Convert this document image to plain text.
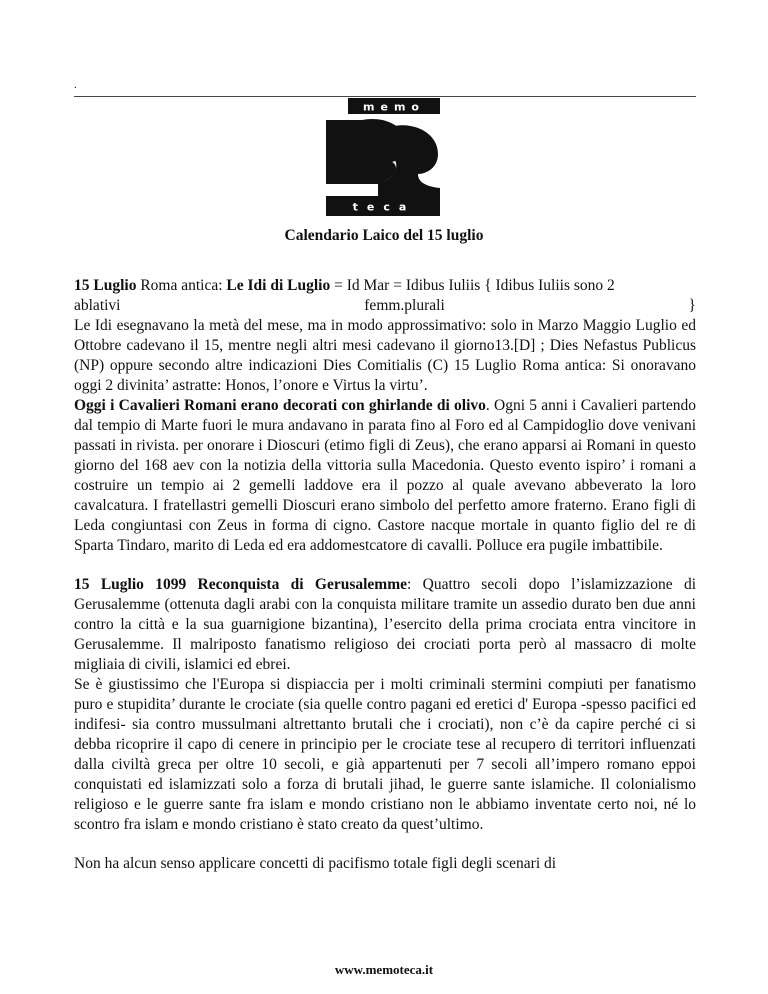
.
memo
teca
Calendario Laico del 15 luglio

15 Luglio Roma antica: Le Idi di Luglio = Id Mar = Idibus Iuliis { Idibus Iuliis sono 2

ablativi femm.plurali }

Le Idi esegnavano la metà del mese, ma in modo approssimativo: solo in Marzo Maggio Luglio ed Ottobre cadevano il 15, mentre negli altri mesi cadevano il giorno13.[D] ; Dies Nefastus Publicus (NP) oppure secondo altre indicazioni Dies Comitialis (C) 15 Luglio Roma antica: Si onoravano oggi 2 divinita’ astratte: Honos, l’onore e Virtus la virtu’.

Oggi i Cavalieri Romani erano decorati con ghirlande di olivo. Ogni 5 anni i Cavalieri partendo dal tempio di Marte fuori le mura andavano in parata fino al Foro ed al Campidoglio dove venivani passati in rivista. per onorare i Dioscuri (etimo figli di Zeus), che erano apparsi ai Romani in questo giorno del 168 aev con la notizia della vittoria sulla Macedonia. Questo evento ispiro’ i romani a costruire un tempio ai 2 gemelli laddove era il pozzo al quale avevano abbeverato la loro cavalcatura. I fratellastri gemelli Dioscuri erano simbolo del perfetto amore fraterno. Erano figli di Leda congiuntasi con Zeus in forma di cigno. Castore nacque mortale in quanto figlio del re di Sparta Tindaro, marito di Leda ed era addomestcatore di cavalli. Polluce era pugile imbattibile.

15 Luglio 1099 Reconquista di Gerusalemme: Quattro secoli dopo l’islamizzazione di Gerusalemme (ottenuta dagli arabi con la conquista militare tramite un assedio durato ben due anni contro la città e la sua guarnigione bizantina), l’esercito della prima crociata entra vincitore in Gerusalemme. Il malriposto fanatismo religioso dei crociati porta però al massacro di molte migliaia di civili, islamici ed ebrei.

Se è giustissimo che l'Europa si dispiaccia per i molti criminali stermini compiuti per fanatismo puro e stupidita’ durante le crociate (sia quelle contro pagani ed eretici d' Europa -spesso pacifici ed indifesi- sia contro mussulmani altrettanto brutali che i crociati), non c’è da capire perché ci si debba ricoprire il capo di cenere in principio per le crociate tese al recupero di territori influenzati dalla civiltà greca per oltre 10 secoli, e già appartenuti per 7 secoli all’impero romano eppoi conquistati ed islamizzati solo a forza di brutali jihad, le guerre sante islamiche. Il colonialismo religioso e le guerre sante fra islam e mondo cristiano non le abbiamo inventate certo noi, né lo scontro fra islam e mondo cristiano è stato creato da quest’ultimo.

Non ha alcun senso applicare concetti di pacifismo totale figli degli scenari di

www.memoteca.it
